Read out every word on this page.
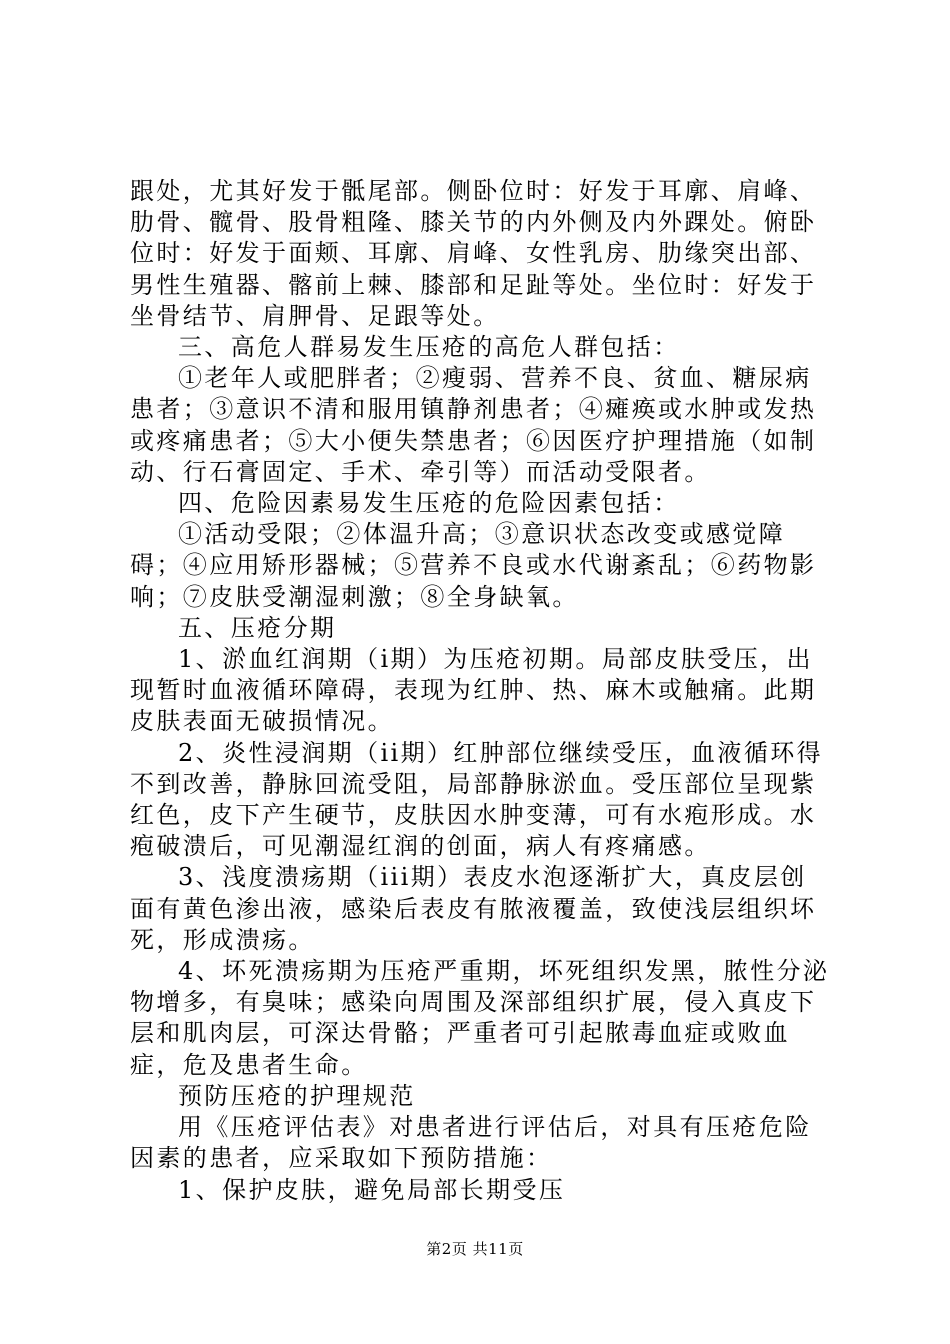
跟处，尤其好发于骶尾部。侧卧位时：好发于耳廓、肩峰、肋骨、髋骨、股骨粗隆、膝关节的内外侧及内外踝处。俯卧位时：好发于面颊、耳廓、肩峰、女性乳房、肋缘突出部、男性生殖器、髂前上棘、膝部和足趾等处。坐位时：好发于坐骨结节、肩胛骨、足跟等处。

三、高危人群易发生压疮的高危人群包括：

①老年人或肥胖者；②瘦弱、营养不良、贫血、糖尿病患者；③意识不清和服用镇静剂患者；④瘫痪或水肿或发热或疼痛患者；⑤大小便失禁患者；⑥因医疗护理措施（如制动、行石膏固定、手术、牵引等）而活动受限者。

四、危险因素易发生压疮的危险因素包括：

①活动受限；②体温升高；③意识状态改变或感觉障碍；④应用矫形器械；⑤营养不良或水代谢紊乱；⑥药物影响；⑦皮肤受潮湿刺激；⑧全身缺氧。

五、压疮分期

1、淤血红润期（i期）为压疮初期。局部皮肤受压，出现暂时血液循环障碍，表现为红肿、热、麻木或触痛。此期皮肤表面无破损情况。

2、炎性浸润期（ii期）红肿部位继续受压，血液循环得不到改善，静脉回流受阻，局部静脉淤血。受压部位呈现紫红色，皮下产生硬节，皮肤因水肿变薄，可有水疱形成。水疱破溃后，可见潮湿红润的创面，病人有疼痛感。

3、浅度溃疡期（iii期）表皮水泡逐渐扩大，真皮层创面有黄色渗出液，感染后表皮有脓液覆盖，致使浅层组织坏死，形成溃疡。

4、坏死溃疡期为压疮严重期，坏死组织发黑，脓性分泌物增多，有臭味；感染向周围及深部组织扩展，侵入真皮下层和肌肉层，可深达骨骼；严重者可引起脓毒血症或败血症，危及患者生命。

预防压疮的护理规范

用《压疮评估表》对患者进行评估后，对具有压疮危险因素的患者，应采取如下预防措施：

1、保护皮肤，避免局部长期受压

第2页 共11页
